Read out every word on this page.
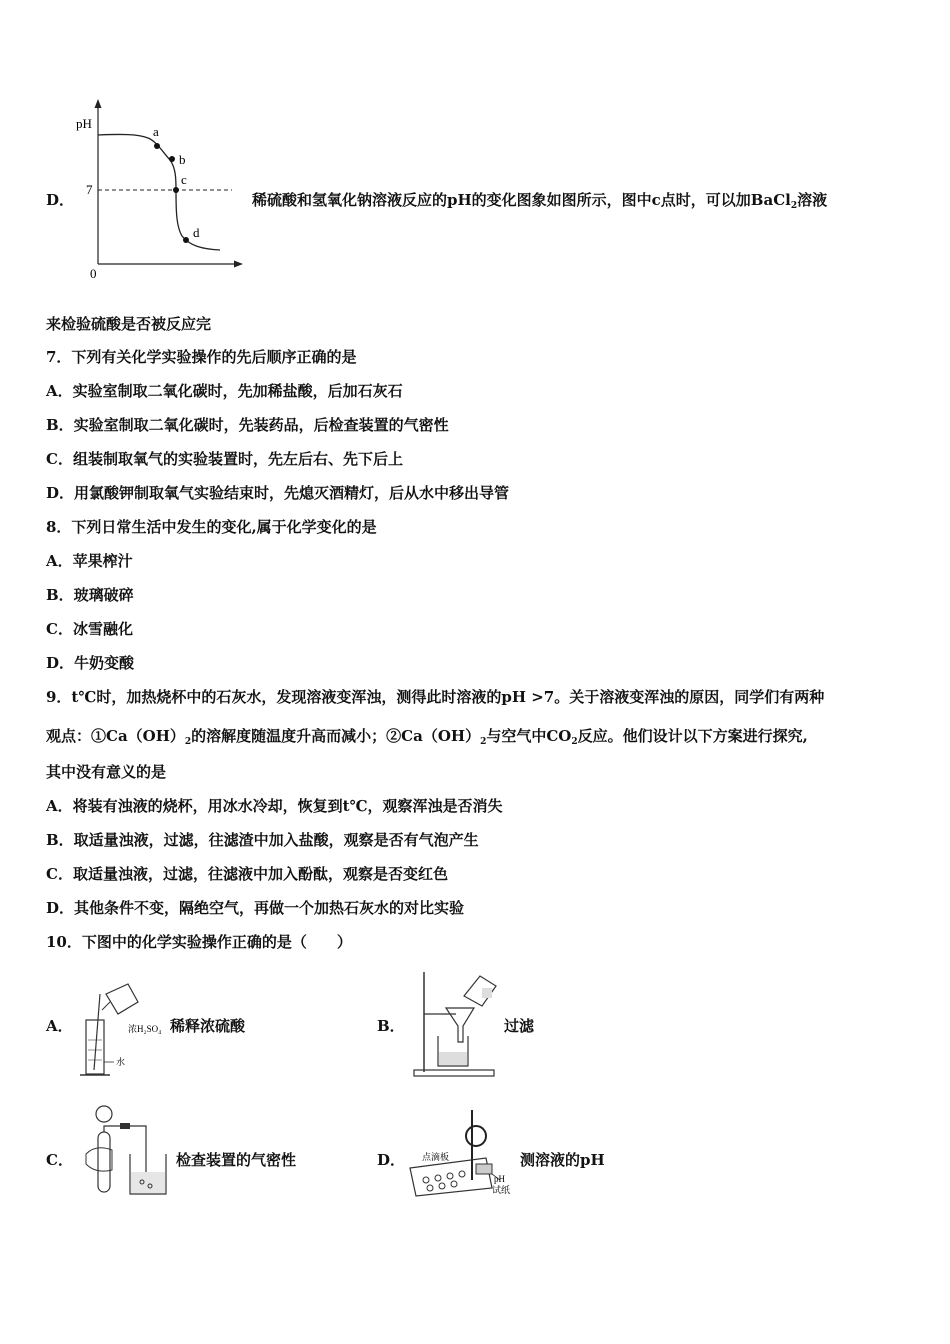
D．
pH
7
0
a
b
c
d
稀硫酸和氢氧化钠溶液反应的pH的变化图象如图所示，图中c点时，可以加BaCl$_2$溶液
来检验硫酸是否被反应完
7．下列有关化学实验操作的先后顺序正确的是
A．实验室制取二氧化碳时，先加稀盐酸，后加石灰石
B．实验室制取二氧化碳时，先装药品，后检查装置的气密性
C．组装制取氧气的实验装置时，先左后右、先下后上
D．用氯酸钾制取氧气实验结束时，先熄灭酒精灯，后从水中移出导管
8．下列日常生活中发生的变化,属于化学变化的是
A．苹果榨汁
B．玻璃破碎
C．冰雪融化
D．牛奶变酸
9．t℃时，加热烧杯中的石灰水，发现溶液变浑浊，测得此时溶液的pH >7。关于溶液变浑浊的原因，同学们有两种
观点：$①Ca(OH)_2$的溶解度随温度升高而减小；$②Ca(OH)_2$与空气中$CO_2$反应。他们设计以下方案进行探究,
其中没有意义的是
A．将装有浊液的烧杯，用冰水冷却，恢复到t℃，观察浑浊是否消失
B．取适量浊液，过滤，往滤渣中加入盐酸，观察是否有气泡产生
C．取适量浊液，过滤，往滤液中加入酚酞，观察是否变红色
D．其他条件不变，隔绝空气，再做一个加热石灰水的对比实验
10．下图中的化学实验操作正确的是（　　）
A．	浓H₂SO₄
水
稀释浓硫酸	B．	过滤
C．	检查装置的气密性	D． 点滴板
pH
试纸
测溶液的pH
